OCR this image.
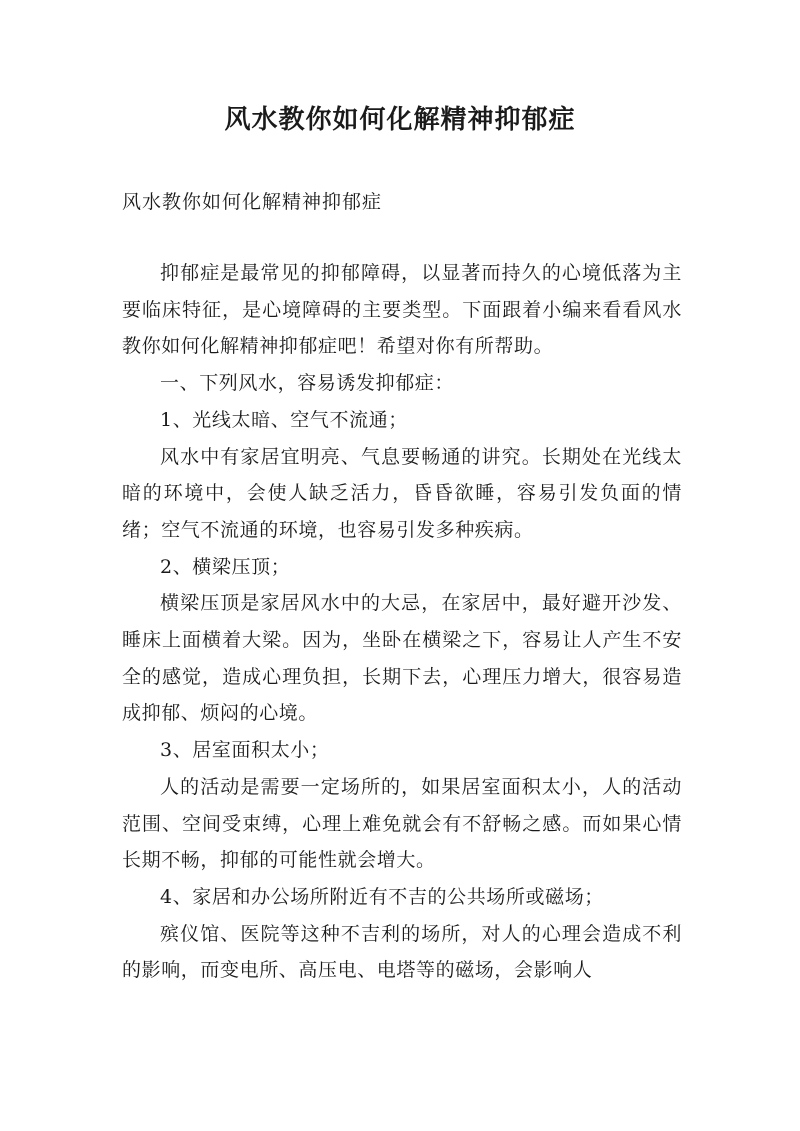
风水教你如何化解精神抑郁症
风水教你如何化解精神抑郁症

抑郁症是最常见的抑郁障碍，以显著而持久的心境低落为主要临床特征，是心境障碍的主要类型。下面跟着小编来看看风水教你如何化解精神抑郁症吧！希望对你有所帮助。

一、下列风水，容易诱发抑郁症：

1、光线太暗、空气不流通；

风水中有家居宜明亮、气息要畅通的讲究。长期处在光线太暗的环境中，会使人缺乏活力，昏昏欲睡，容易引发负面的情绪；空气不流通的环境，也容易引发多种疾病。

2、横梁压顶；

横梁压顶是家居风水中的大忌，在家居中，最好避开沙发、睡床上面横着大梁。因为，坐卧在横梁之下，容易让人产生不安全的感觉，造成心理负担，长期下去，心理压力增大，很容易造成抑郁、烦闷的心境。

3、居室面积太小；

人的活动是需要一定场所的，如果居室面积太小，人的活动范围、空间受束缚，心理上难免就会有不舒畅之感。而如果心情长期不畅，抑郁的可能性就会增大。

4、家居和办公场所附近有不吉的公共场所或磁场；

殡仪馆、医院等这种不吉利的场所，对人的心理会造成不利的影响，而变电所、高压电、电塔等的磁场，会影响人
